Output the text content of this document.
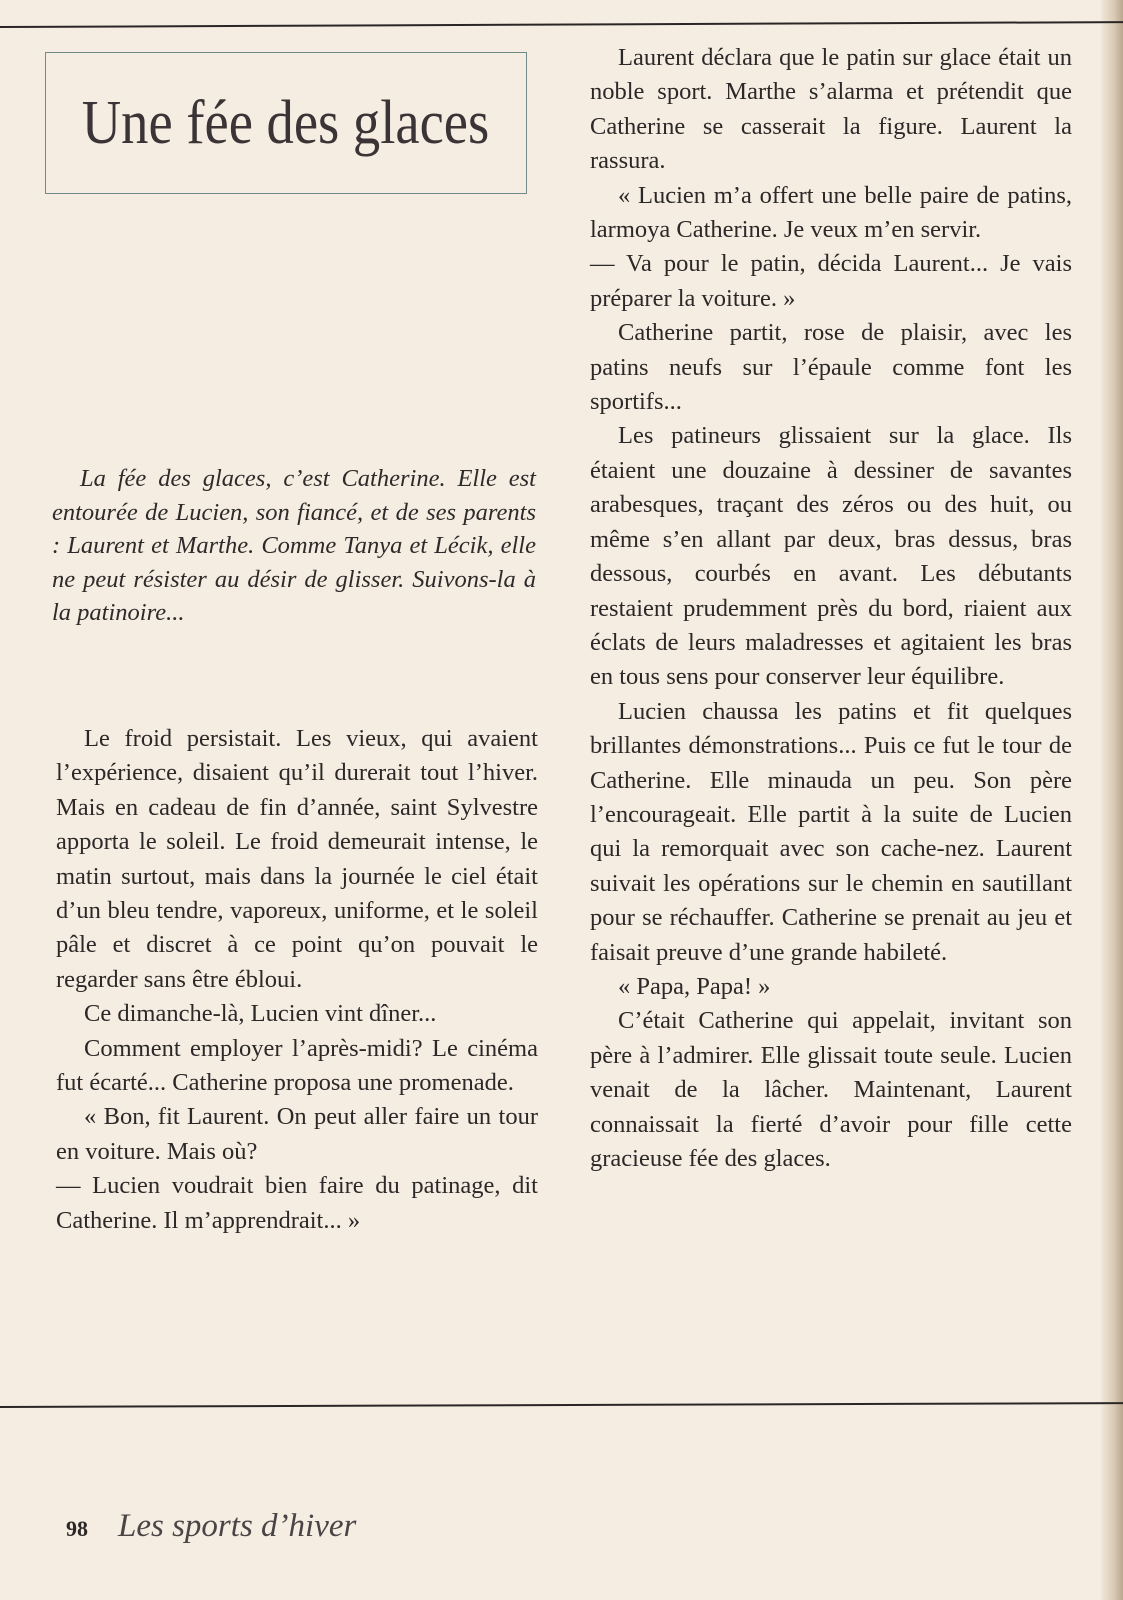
Une fée des glaces

La fée des glaces, c’est Catherine. Elle est entourée de Lucien, son fiancé, et de ses parents : Laurent et Marthe. Comme Tanya et Lécik, elle ne peut résister au désir de glisser. Suivons-la à la patinoire...

Le froid persistait. Les vieux, qui avaient l’expérience, disaient qu’il durerait tout l’hiver. Mais en cadeau de fin d’année, saint Sylvestre apporta le soleil. Le froid demeurait intense, le matin surtout, mais dans la journée le ciel était d’un bleu tendre, vaporeux, uniforme, et le soleil pâle et discret à ce point qu’on pouvait le regarder sans être ébloui.

Ce dimanche-là, Lucien vint dîner...

Comment employer l’après-midi? Le cinéma fut écarté... Catherine proposa une promenade.

« Bon, fit Laurent. On peut aller faire un tour en voiture. Mais où?

— Lucien voudrait bien faire du patinage, dit Catherine. Il m’apprendrait... »

Laurent déclara que le patin sur glace était un noble sport. Marthe s’alarma et prétendit que Catherine se casserait la figure. Laurent la rassura.

« Lucien m’a offert une belle paire de patins, larmoya Catherine. Je veux m’en servir.

— Va pour le patin, décida Laurent... Je vais préparer la voiture. »

Catherine partit, rose de plaisir, avec les patins neufs sur l’épaule comme font les sportifs...

Les patineurs glissaient sur la glace. Ils étaient une douzaine à dessiner de savantes arabesques, traçant des zéros ou des huit, ou même s’en allant par deux, bras dessus, bras dessous, courbés en avant. Les débutants restaient prudemment près du bord, riaient aux éclats de leurs maladresses et agitaient les bras en tous sens pour conserver leur équilibre.

Lucien chaussa les patins et fit quelques brillantes démonstrations... Puis ce fut le tour de Catherine. Elle minauda un peu. Son père l’encourageait. Elle partit à la suite de Lucien qui la remorquait avec son cache-nez. Laurent suivait les opérations sur le chemin en sautillant pour se réchauffer. Catherine se prenait au jeu et faisait preuve d’une grande habileté.

« Papa, Papa! »

C’était Catherine qui appelait, invitant son père à l’admirer. Elle glissait toute seule. Lucien venait de la lâcher. Maintenant, Laurent connaissait la fierté d’avoir pour fille cette gracieuse fée des glaces.

98 Les sports d’hiver
